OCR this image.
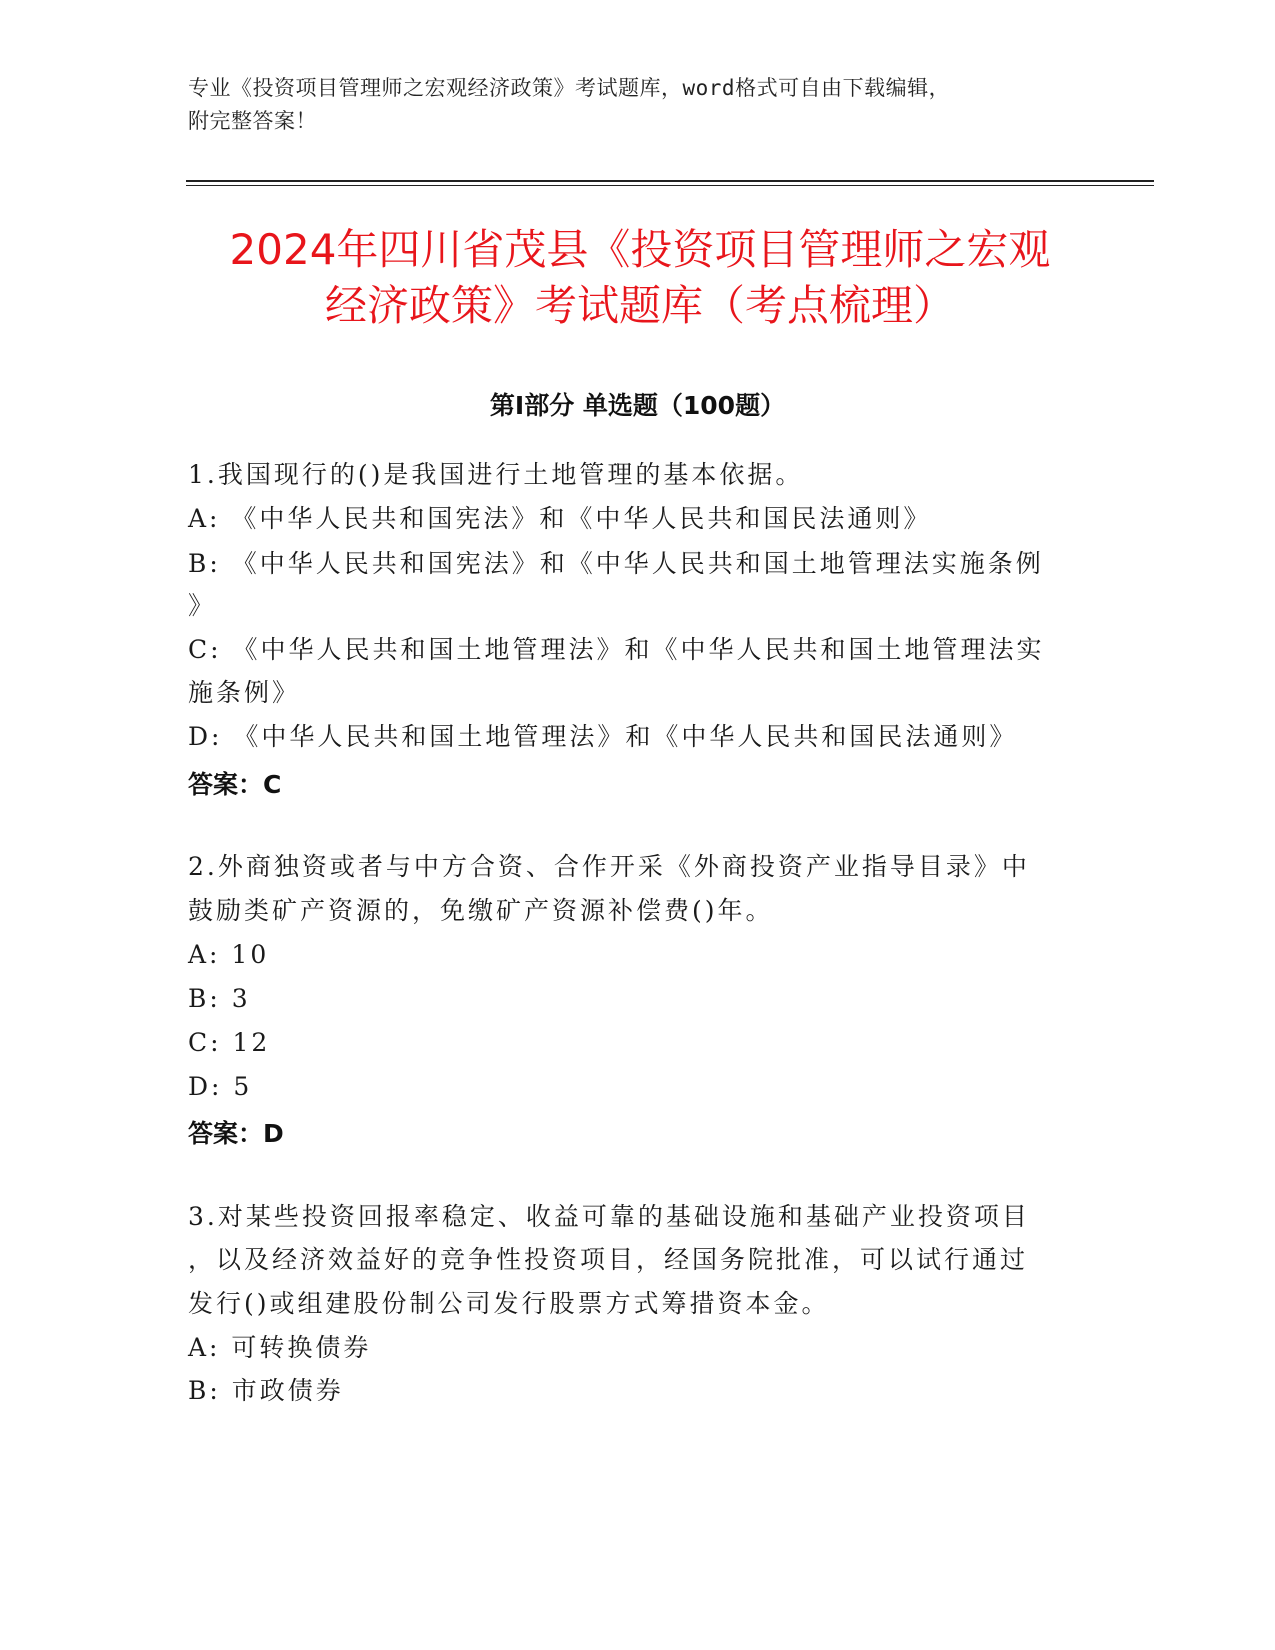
专业《投资项目管理师之宏观经济政策》考试题库，word格式可自由下载编辑，
附完整答案！
2024年四川省茂县《投资项目管理师之宏观
经济政策》考试题库（考点梳理）
第Ⅰ部分 单选题（100题）
1.我国现行的()是我国进行土地管理的基本依据。
A: 《中华人民共和国宪法》和《中华人民共和国民法通则》
B: 《中华人民共和国宪法》和《中华人民共和国土地管理法实施条例
》
C: 《中华人民共和国土地管理法》和《中华人民共和国土地管理法实
施条例》
D: 《中华人民共和国土地管理法》和《中华人民共和国民法通则》
答案：C
2.外商独资或者与中方合资、合作开采《外商投资产业指导目录》中
鼓励类矿产资源的，免缴矿产资源补偿费()年。
A: 10
B: 3
C: 12
D: 5
答案：D
3.对某些投资回报率稳定、收益可靠的基础设施和基础产业投资项目
，以及经济效益好的竞争性投资项目，经国务院批准，可以试行通过
发行()或组建股份制公司发行股票方式筹措资本金。
A: 可转换债券
B: 市政债券
